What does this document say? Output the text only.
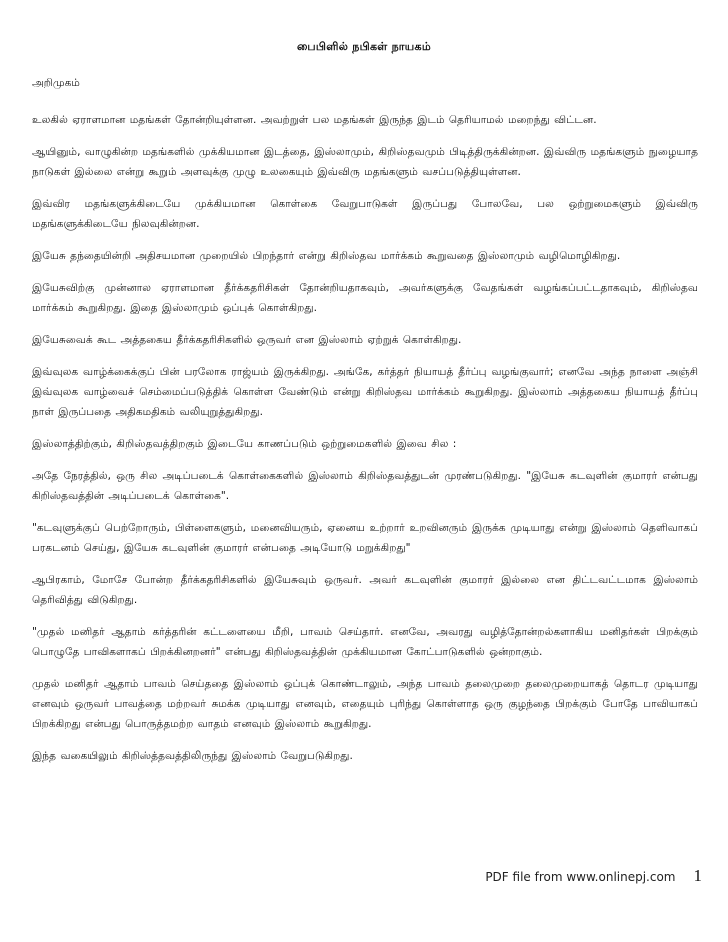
பைபிளில் நபிகள் நாயகம்

அறிமுகம்

உலகில் ஏராளமான மதங்கள் தோன்றியுள்ளன. அவற்றுள் பல மதங்கள் இருந்த இடம் தெரியாமல் மறைந்து விட்டன.

ஆயினும், வாழுகின்ற மதங்களில் முக்கியமான இடத்தை, இஸ்லாமும், கிறிஸ்தவமும் பிடித்திருக்கின்றன. இவ்விரு மதங்களும் நுழையாத நாடுகள் இல்லை என்று கூறும் அளவுக்கு முழு உலகையும் இவ்விரு மதங்களும் வசப்படுத்தியுள்ளன.

இவ்விர மதங்களுக்கிடையே முக்கியமான கொள்கை வேறுபாடுகள் இருப்பது போலவே, பல ஒற்றுமைகளும் இவ்விரு மதங்களுக்கிடையே நிலவுகின்றன.

இயேசு தந்தையின்றி அதிசயமான முறையில் பிறந்தார் என்று கிறிஸ்தவ மார்க்கம் கூறுவதை இஸ்லாமும் வழிமொழிகிறது.

இயேசுவிற்கு முன்னால ஏராளமான தீர்க்கதரிசிகள் தோன்றியதாகவும், அவர்களுக்கு வேதங்கள் வழங்கப்பட்டதாகவும், கிறிஸ்தவ மார்க்கம் கூறுகிறது. இதை இஸ்லாமும் ஒப்புக் கொள்கிறது.

இயேசுவைக் கூட அத்தகைய தீர்க்கதரிசிகளில் ஒருவர் என இஸ்லாம் ஏற்றுக் கொள்கிறது.

இவ்வுலக வாழ்க்கைக்குப் பின் பரலோக ராஜ்யம் இருக்கிறது. அங்கே, கர்த்தர் நியாயத் தீர்ப்பு வழங்குவார்; எனவே அந்த நாளை அஞ்சி இவ்வுலக வாழ்வைச் செம்மைப்படுத்திக் கொள்ள வேண்டும் என்று கிறிஸ்தவ மார்க்கம் கூறுகிறது. இஸ்லாம் அத்தகைய நியாயத் தீர்ப்பு நாள் இருப்பதை அதிகமதிகம் வலியுறுத்துகிறது.

இஸ்லாத்திற்கும், கிறிஸ்தவத்திறகும் இடையே காணப்படும் ஒற்றுமைகளில் இவை சில :

அதே நேரத்தில், ஒரு சில அடிப்படைக் கொள்கைகளில் இஸ்லாம் கிறிஸ்தவத்துடன் முரண்படுகிறது. "இயேசு கடவுளின் குமாரர் என்பது கிறிஸ்தவத்தின் அடிப்படைக் கொள்கை".

"கடவுளுக்குப் பெற்றோரும், பிள்ளைகளும், மனைவியரும், ஏனைய உற்றார் உறவினரும் இருக்க முடியாது என்று இஸ்லாம் தெளிவாகப் பரகடனம் செய்து, இயேசு கடவுளின் குமாரர் என்பதை அடியோடு மறுக்கிறது"

ஆபிரகாம், மோசே போன்ற தீர்க்கதரிசிகளில் இயேசுவும் ஒருவர். அவர் கடவுளின் குமாரர் இல்லை என திட்டவட்டமாக இஸ்லாம் தெரிவித்து விடுகிறது.

"முதல் மனிதர் ஆதாம் கர்த்தரின் கட்டளையை மீறி, பாவம் செய்தார். எனவே, அவரது வழித்தோன்றல்களாகிய மனிதர்கள் பிறக்கும் பொழுதே பாவிகளாகப் பிறக்கினறனர்" என்பது கிறிஸ்தவத்தின் முக்கியமான கோட்பாடுகளில் ஒன்றாகும்.

முதல் மனிதர் ஆதாம் பாவம் செய்ததை இஸ்லாம் ஒப்புக் கொண்டாலும், அந்த பாவம் தலைமுறை தலைமுறையாகத் தொடர முடியாது எனவும் ஒருவர் பாவத்தை மற்றவர் சுமக்க முடியாது எனவும், எதையும் புரிந்து கொள்ளாத ஒரு குழந்தை பிறக்கும் போதே பாவியாகப் பிறக்கிறது என்பது பொருத்தமற்ற வாதம் எனவும் இஸ்லாம் கூறுகிறது.

இந்த வகையிலும் கிறிஸ்த்தவத்திலிருந்து இஸ்லாம் வேறுபடுகிறது.

PDF file from www.onlinepj.com 1
